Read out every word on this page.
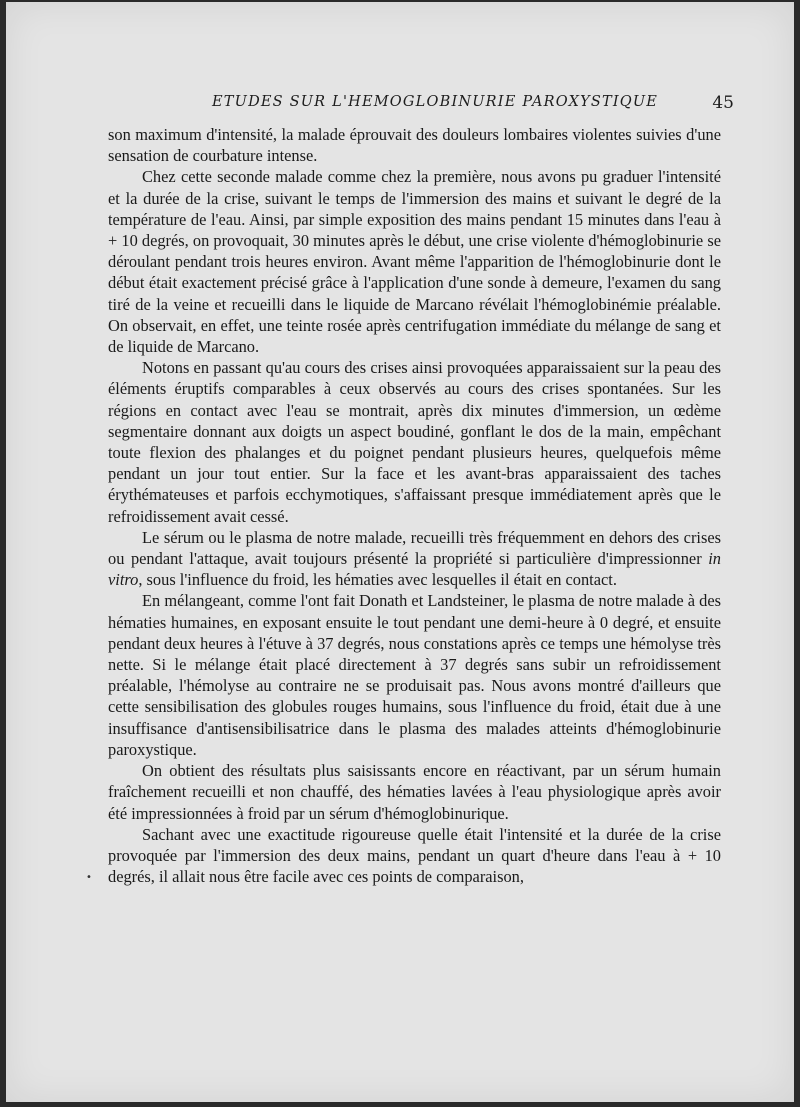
ETUDES SUR L'HEMOGLOBINURIE PAROXYSTIQUE	45

son maximum d'intensité, la malade éprouvait des douleurs lombaires violentes suivies d'une sensation de courbature intense.

Chez cette seconde malade comme chez la première, nous avons pu graduer l'intensité et la durée de la crise, suivant le temps de l'immersion des mains et suivant le degré de la température de l'eau. Ainsi, par simple exposition des mains pendant 15 minutes dans l'eau à + 10 degrés, on provoquait, 30 minutes après le début, une crise violente d'hémoglobinurie se déroulant pendant trois heures environ. Avant même l'apparition de l'hémoglobinurie dont le début était exactement précisé grâce à l'application d'une sonde à demeure, l'examen du sang tiré de la veine et recueilli dans le liquide de Marcano révélait l'hémoglobinémie préalable. On observait, en effet, une teinte rosée après centrifugation immédiate du mélange de sang et de liquide de Marcano.

Notons en passant qu'au cours des crises ainsi provoquées apparaissaient sur la peau des éléments éruptifs comparables à ceux observés au cours des crises spontanées. Sur les régions en contact avec l'eau se montrait, après dix minutes d'immersion, un œdème segmentaire donnant aux doigts un aspect boudiné, gonflant le dos de la main, empêchant toute flexion des phalanges et du poignet pendant plusieurs heures, quelquefois même pendant un jour tout entier. Sur la face et les avant-bras apparaissaient des taches érythémateuses et parfois ecchymotiques, s'affaissant presque immédiatement après que le refroidissement avait cessé.

Le sérum ou le plasma de notre malade, recueilli très fréquemment en dehors des crises ou pendant l'attaque, avait toujours présenté la propriété si particulière d'impressionner in vitro, sous l'influence du froid, les hématies avec lesquelles il était en contact.

En mélangeant, comme l'ont fait Donath et Landsteiner, le plasma de notre malade à des hématies humaines, en exposant ensuite le tout pendant une demi-heure à 0 degré, et ensuite pendant deux heures à l'étuve à 37 degrés, nous constations après ce temps une hémolyse très nette. Si le mélange était placé directement à 37 degrés sans subir un refroidissement préalable, l'hémolyse au contraire ne se produisait pas. Nous avons montré d'ailleurs que cette sensibilisation des globules rouges humains, sous l'influence du froid, était due à une insuffisance d'antisensibilisatrice dans le plasma des malades atteints d'hémoglobinurie paroxystique.

On obtient des résultats plus saisissants encore en réactivant, par un sérum humain fraîchement recueilli et non chauffé, des hématies lavées à l'eau physiologique après avoir été impressionnées à froid par un sérum d'hémoglobinurique.

Sachant avec une exactitude rigoureuse quelle était l'intensité et la durée de la crise provoquée par l'immersion des deux mains, pendant un quart d'heure dans l'eau à + 10 degrés, il allait nous être facile avec ces points de comparaison,

•
